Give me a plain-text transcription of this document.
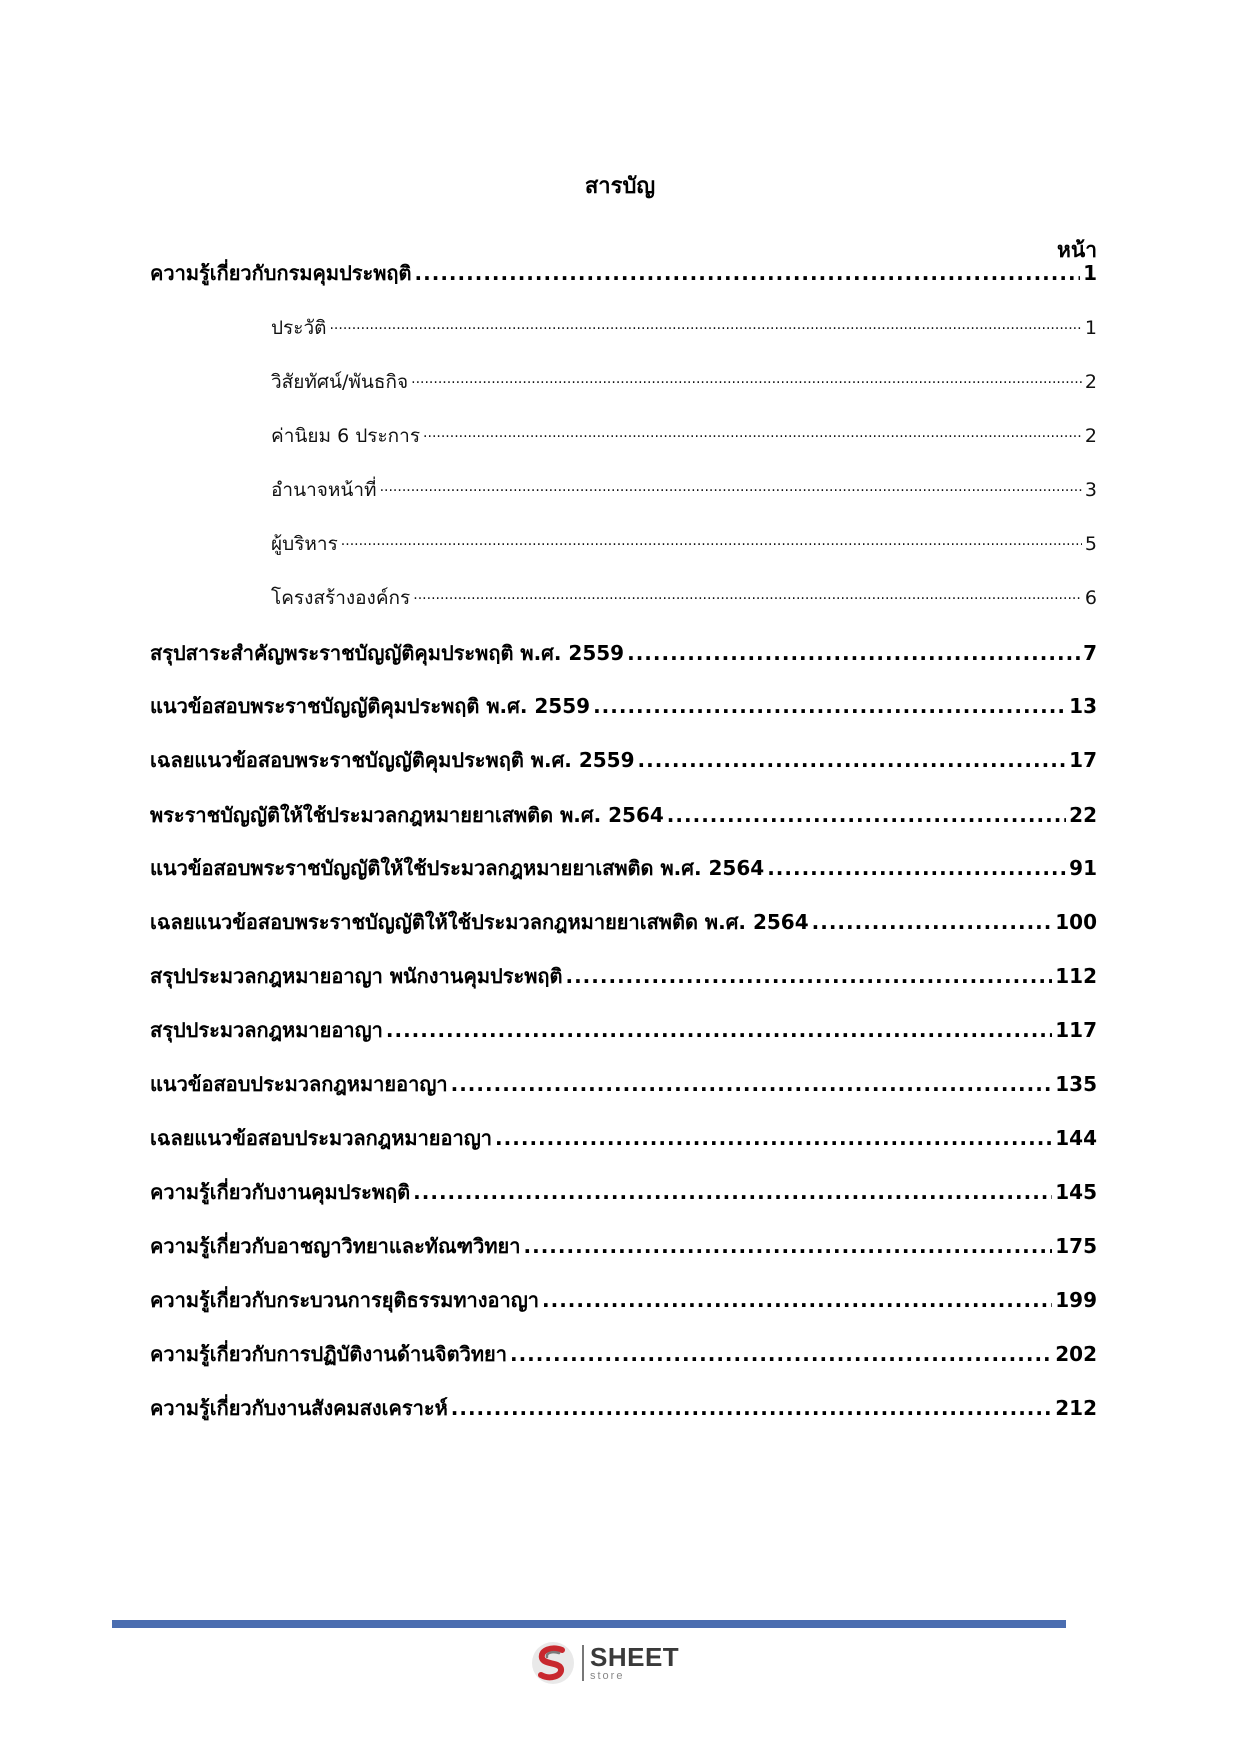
สารบัญ
หน้า
ความรู้เกี่ยวกับกรมคุมประพฤติ .....	1
ประวัติ .....	1
วิสัยทัศน์/พันธกิจ .....	2
ค่านิยม 6 ประการ .....	2
อำนาจหน้าที่ .....	3
ผู้บริหาร .....	5
โครงสร้างองค์กร .....	6
สรุปสาระสำคัญพระราชบัญญัติคุมประพฤติ พ.ศ. 2559 .....	7
แนวข้อสอบพระราชบัญญัติคุมประพฤติ พ.ศ. 2559 .....	13
เฉลยแนวข้อสอบพระราชบัญญัติคุมประพฤติ พ.ศ. 2559 .....	17
พระราชบัญญัติให้ใช้ประมวลกฎหมายยาเสพติด พ.ศ. 2564 .....	22
แนวข้อสอบพระราชบัญญัติให้ใช้ประมวลกฎหมายยาเสพติด พ.ศ. 2564 .....	91
เฉลยแนวข้อสอบพระราชบัญญัติให้ใช้ประมวลกฎหมายยาเสพติด พ.ศ. 2564 .....	100
สรุปประมวลกฎหมายอาญา พนักงานคุมประพฤติ .....	112
สรุปประมวลกฎหมายอาญา .....	117
แนวข้อสอบประมวลกฎหมายอาญา .....	135
เฉลยแนวข้อสอบประมวลกฎหมายอาญา .....	144
ความรู้เกี่ยวกับงานคุมประพฤติ .....	145
ความรู้เกี่ยวกับอาชญาวิทยาและทัณฑวิทยา .....	175
ความรู้เกี่ยวกับกระบวนการยุติธรรมทางอาญา .....	199
ความรู้เกี่ยวกับการปฏิบัติงานด้านจิตวิทยา .....	202
ความรู้เกี่ยวกับงานสังคมสงเคราะห์ .....	212
SHEET
store
